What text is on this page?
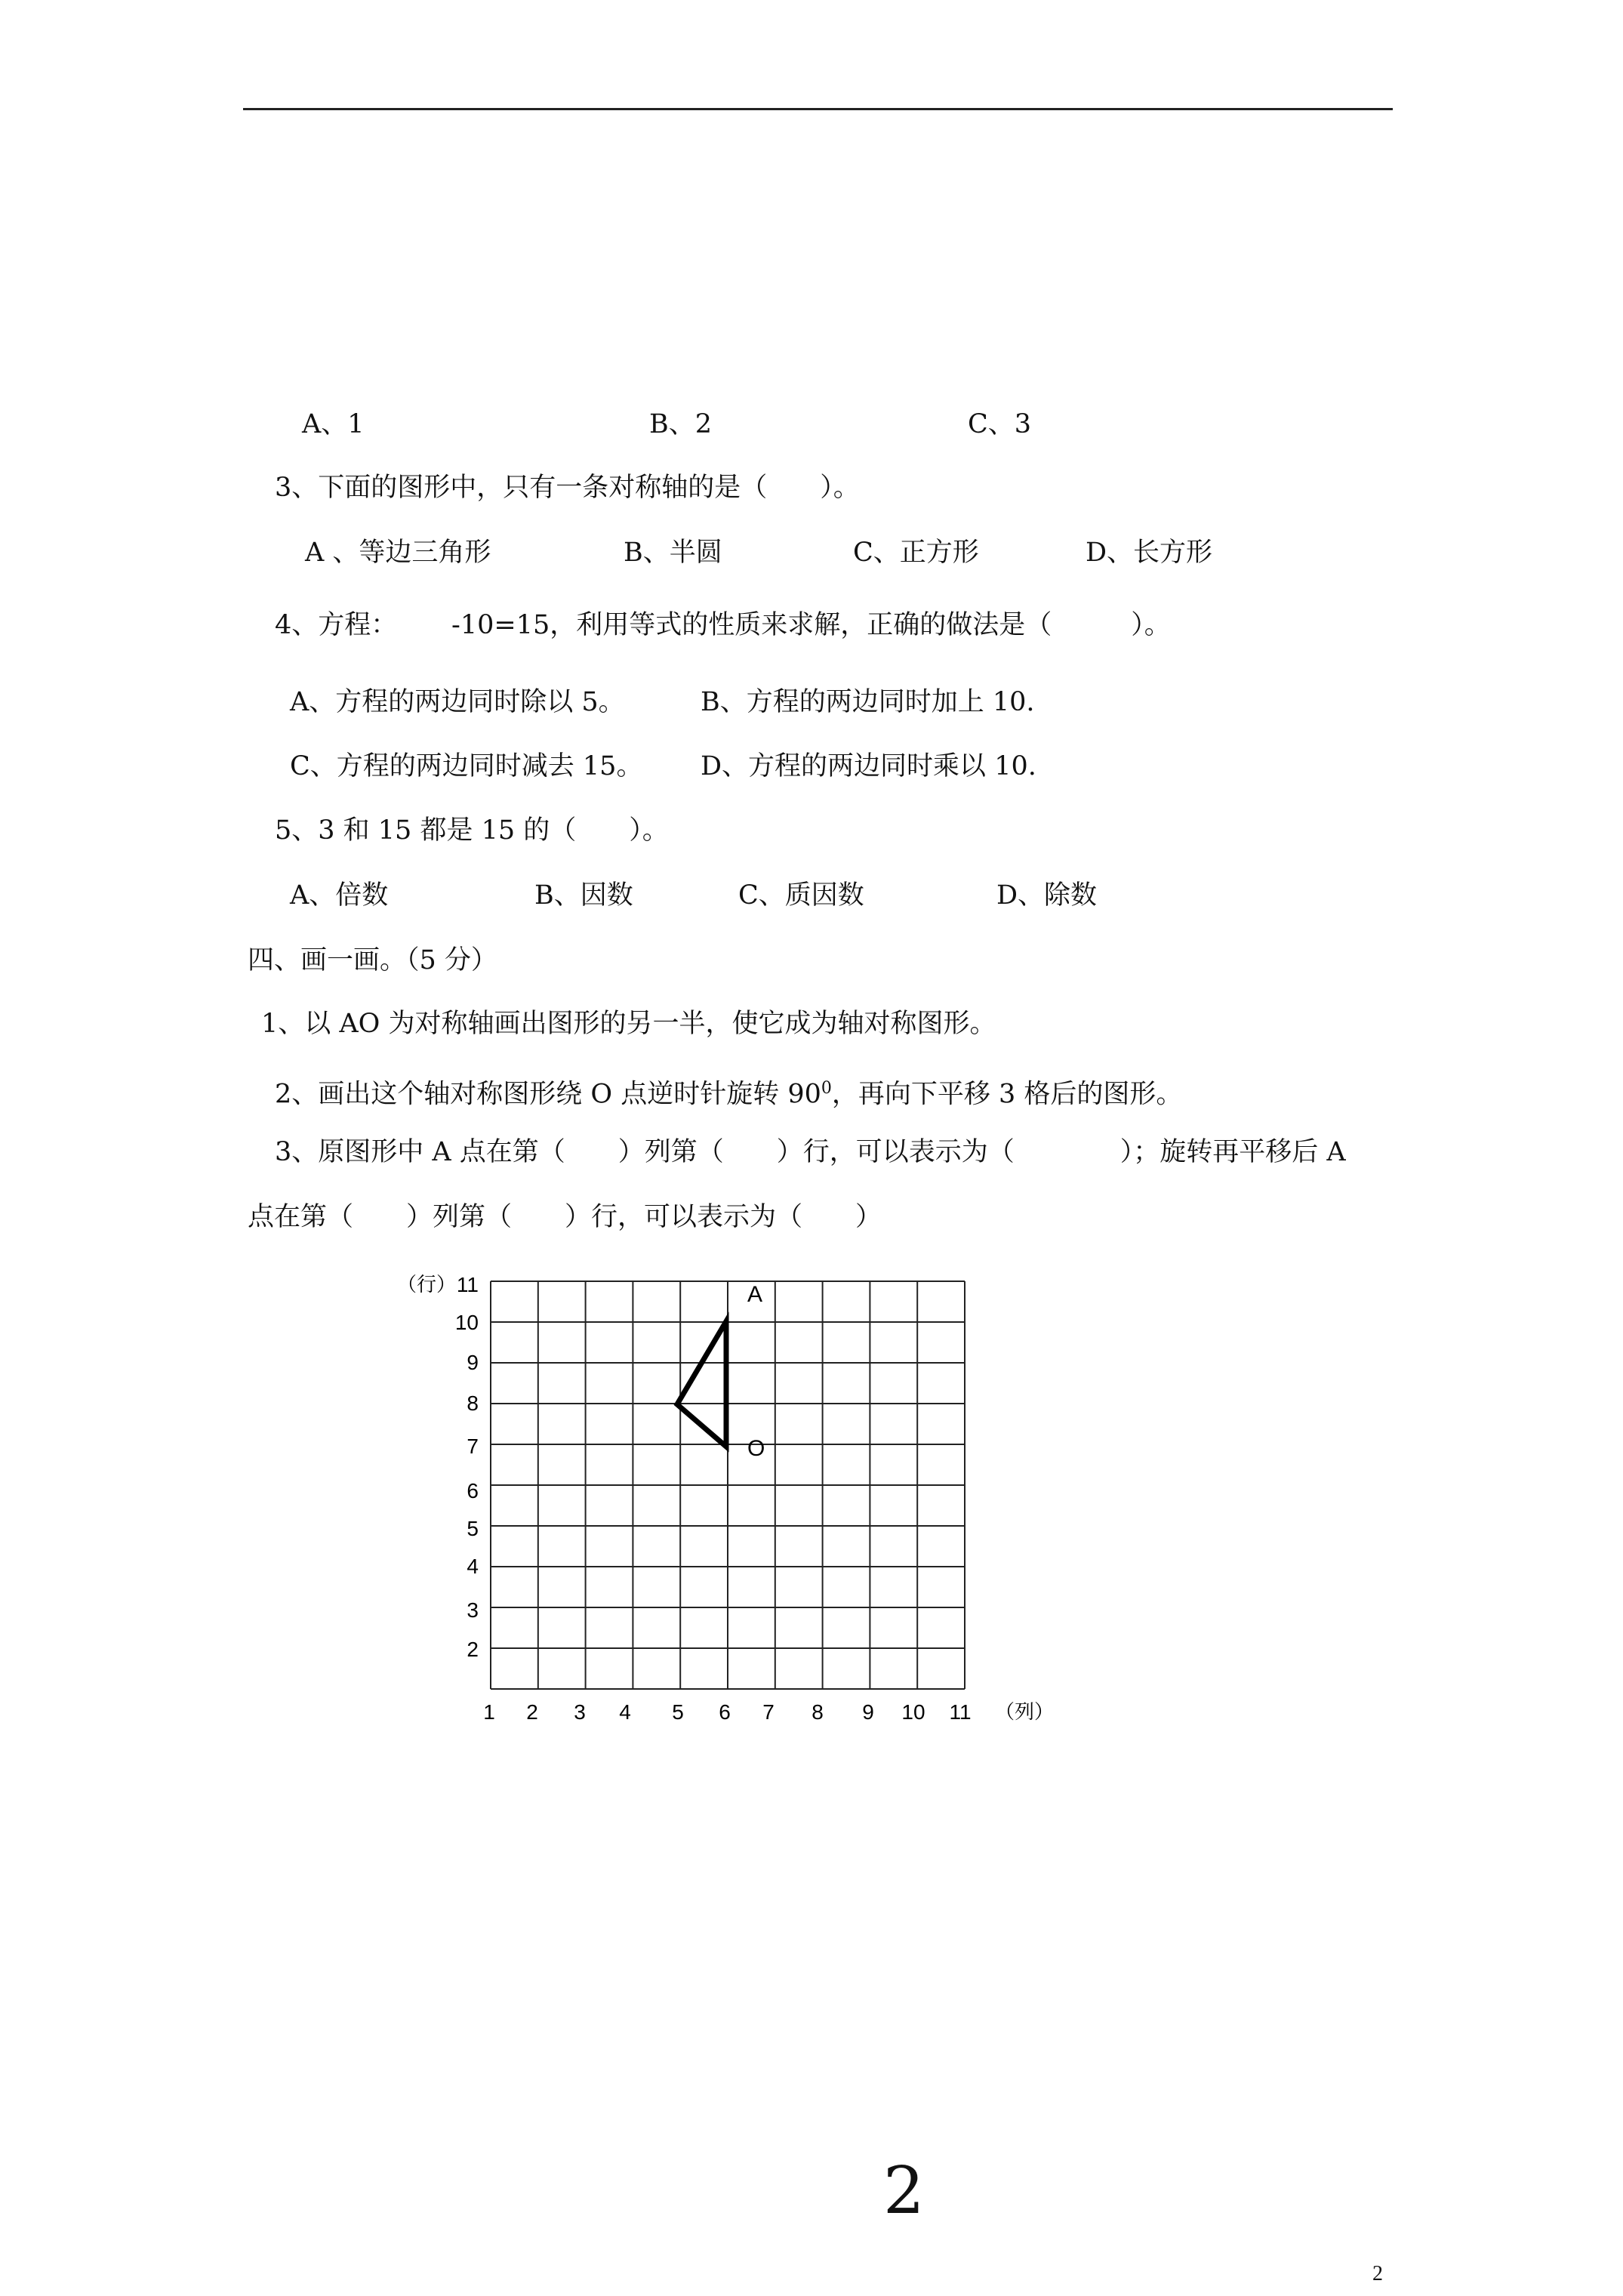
A、1	B、2	C、3
3、下面的图形中，只有一条对称轴的是（　　）。
A 、等边三角形	B、半圆	C、正方形	D、长方形
4、方程： -10=15，利用等式的性质来求解，正确的做法是（　　　）。
A、方程的两边同时除以 5。	B、方程的两边同时加上 10.
C、方程的两边同时减去 15。 D、方程的两边同时乘以 10.
5、3 和 15 都是 15 的（　　）。
A、倍数	B、因数	C、质因数	D、除数
四、画一画。（5 分）
1、以 AO 为对称轴画出图形的另一半，使它成为轴对称图形。
2、画出这个轴对称图形绕 O 点逆时针旋转 $90^0$，再向下平移 3 格后的图形。
3、原图形中 A 点在第（　　）列第（　　）行，可以表示为（　　　　）；旋转再平移后 A
点在第（　　）列第（　　）行，可以表示为（　　）
11
10
9
8
7
6
5
4
3
2
1 2 3 4 5 6 7 8 9 10 11
（行）
（列）
A
O
2
2
